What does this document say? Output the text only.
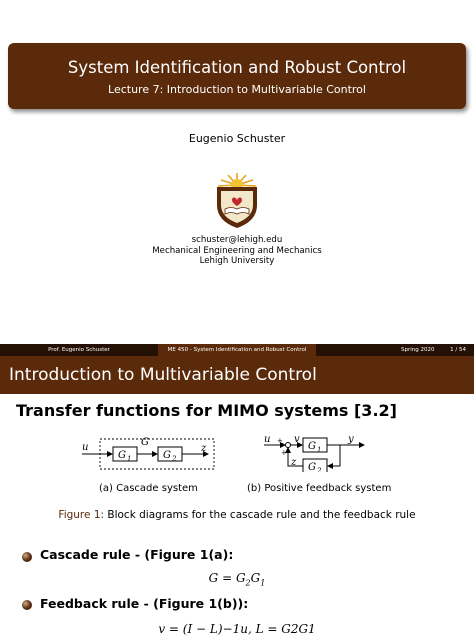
System Identification and Robust Control
Lecture 7: Introduction to Multivariable Control
Eugenio Schuster
schuster@lehigh.edu
Mechanical Engineering and Mechanics
Lehigh University
Prof. Eugenio Schuster	ME 450 - System Identification and Robust Control	Spring 2020	1 / 54
Introduction to Multivariable Control
Transfer functions for MIMO systems [3.2]
G
u
G 1	G 2
z
u + v
G 1
y
G 2
z
+
(a) Cascade system	(b) Positive feedback system
Figure 1: Block diagrams for the cascade rule and the feedback rule
Cascade rule - (Figure 1(a):
$G = G_2G_1$
Feedback rule - (Figure 1(b)):
v = (I − L)−1u, L = G2G1
